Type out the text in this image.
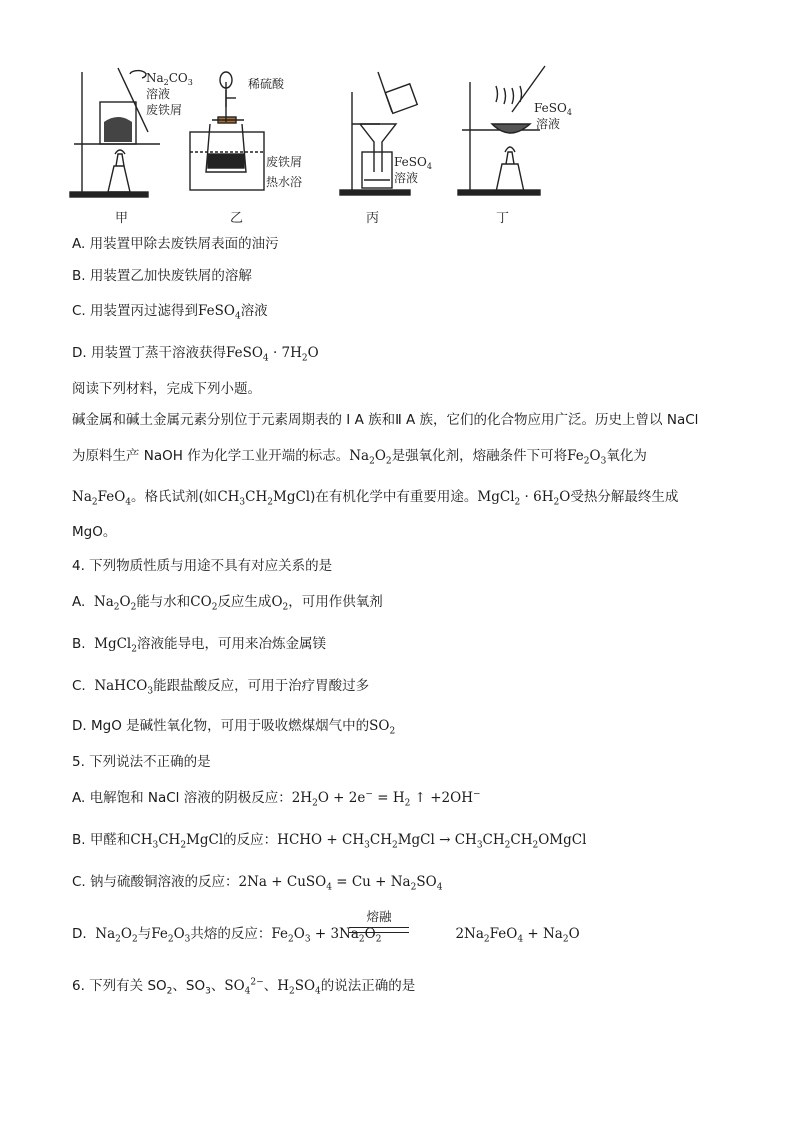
$Na_2CO_3$
溶液
废铁屑
甲
稀硫酸
废铁屑
热水浴
乙
FeSO$_4$
溶液
丙
FeSO$_4$
溶液
丁
A. 用装置甲除去废铁屑表面的油污
B. 用装置乙加快废铁屑的溶解
C. 用装置丙过滤得到FeSO$_4$溶液
D. 用装置丁蒸干溶液获得FeSO$_4$ · $7H_2O$
阅读下列材料，完成下列小题。
碱金属和碱土金属元素分别位于元素周期表的 Ⅰ A 族和Ⅱ A 族，它们的化合物应用广泛。历史上曾以 NaCl
为原料生产 NaOH 作为化学工业开端的标志。$Na_2O_2$是强氧化剂，熔融条件下可将$Fe_2O_3$氧化为
$Na_2FeO_4$。格氏试剂(如$CH_3CH_2MgCl$)在有机化学中有重要用途。MgCl$_2$ · $6H_2O$受热分解最终生成
MgO。
4. 下列物质性质与用途不具有对应关系的是
A.  $Na_2O_2$能与水和$CO_2$反应生成$O_2$，可用作供氧剂
B.  MgCl$_2$溶液能导电，可用来冶炼金属镁
C.  NaHCO$_3$能跟盐酸反应，可用于治疗胃酸过多
D. MgO 是碱性氧化物，可用于吸收燃煤烟气中的$SO_2$
5. 下列说法不正确的是
A. 电解饱和 NaCl 溶液的阴极反应：$2H_2O + 2e^- = H_2$ ↑ +2OH−
B. 甲醛和$CH_3CH_2MgCl$的反应：HCHO + $CH_3CH_2MgCl$ → $CH_3CH_2CH_2OMgCl$
C. 钠与硫酸铜溶液的反应：2Na + CuSO$_4$ = $Cu + Na_2SO_4$
D.  $Na_2O_2$与$Fe_2O_3$共熔的反应：$Fe_2O_3 + 3Na_2O_2$	$2Na_2FeO_4 + Na_2O$
熔融
6. 下列有关 $SO_2$、$SO_3$、$SO_4^{2-}$、$H_2SO_4$的说法正确的是
